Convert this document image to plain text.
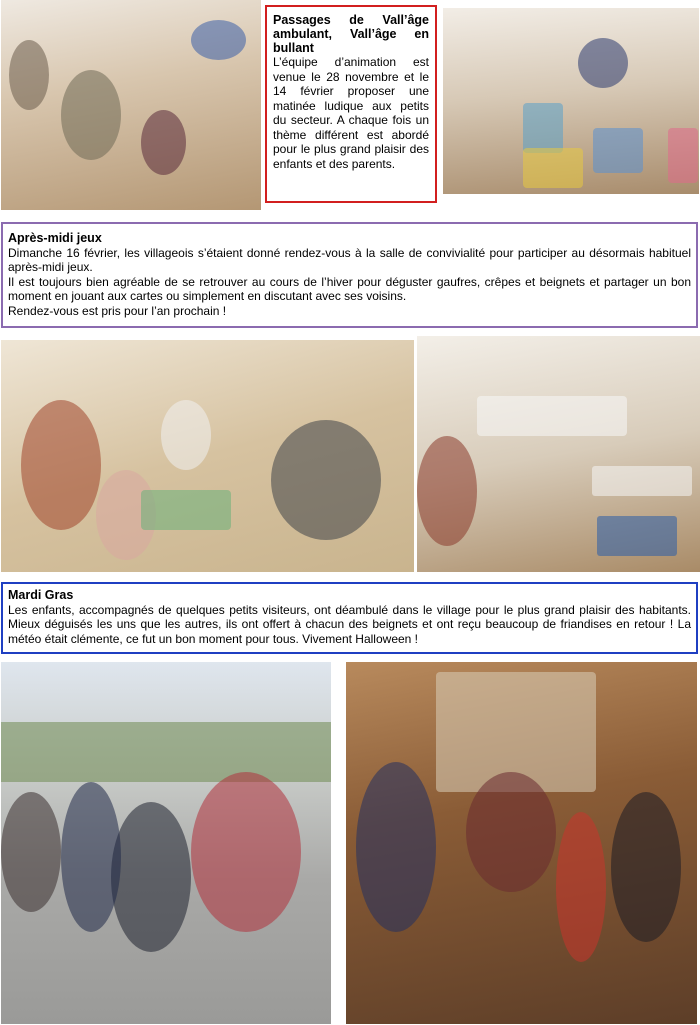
Passages de Vall’âge ambulant, Vall’âge en bullant

L’équipe d’animation est venue le 28 novembre et le 14 février proposer une matinée ludique aux petits du secteur. A chaque fois un thème différent est abordé pour le plus grand plaisir des enfants et des parents.

Après-midi jeux

Dimanche 16 février, les villageois s’étaient donné rendez-vous à la salle de convivialité pour participer au désormais habituel après-midi jeux.

Il est toujours bien agréable de se retrouver au cours de l’hiver pour déguster gaufres, crêpes et beignets et partager un bon moment en jouant aux cartes ou simplement en discutant avec ses voisins.

Rendez-vous est pris pour l’an prochain !

Mardi Gras

Les enfants, accompagnés de quelques petits visiteurs, ont déambulé dans le village pour le plus grand plaisir des habitants. Mieux déguisés les uns que les autres, ils ont offert à chacun des beignets et ont reçu beaucoup de friandises en retour ! La météo était clémente, ce fut un bon moment pour tous. Vivement Halloween !
